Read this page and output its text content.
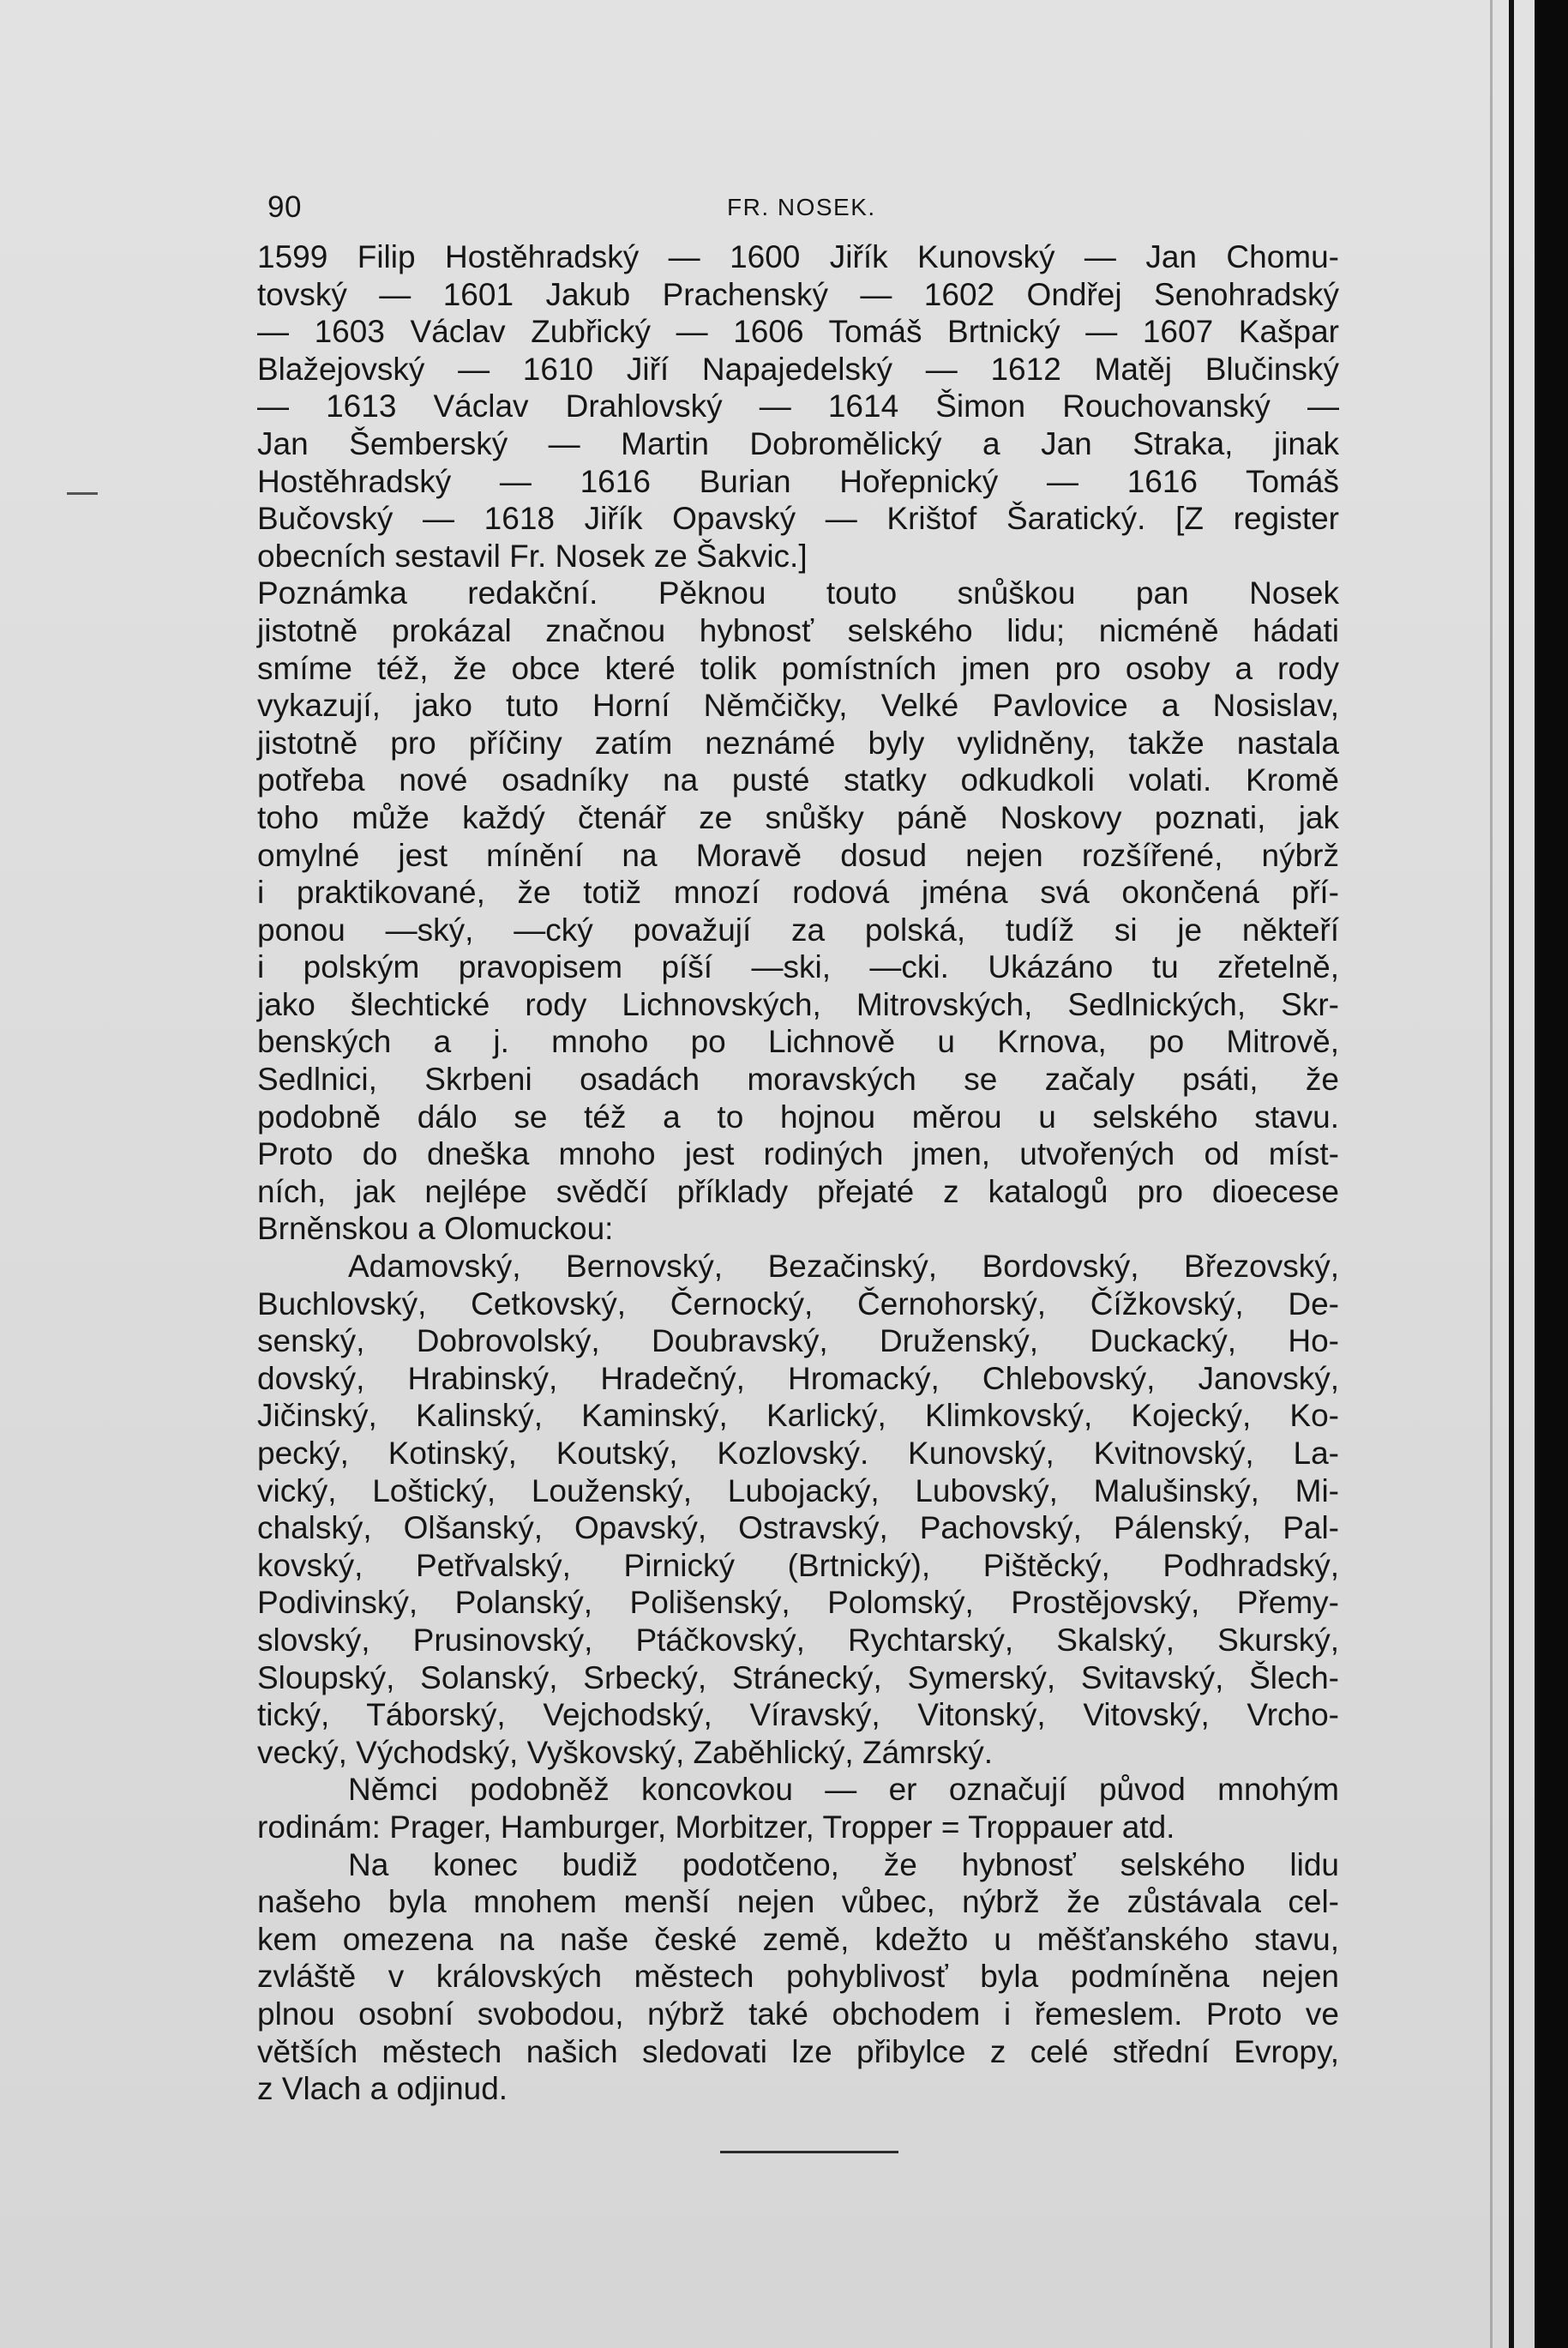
90	FR. NOSEK.
1599 Filip Hostěhradský — 1600 Jiřík Kunovský — Jan Chomu-
tovský — 1601 Jakub Prachenský — 1602 Ondřej Senohradský
— 1603 Václav Zubřický — 1606 Tomáš Brtnický — 1607 Kašpar
Blažejovský — 1610 Jiří Napajedelský — 1612 Matěj Blučinský
— 1613 Václav Drahlovský — 1614 Šimon Rouchovanský —
Jan Šemberský — Martin Dobromělický a Jan Straka, jinak
Hostěhradský — 1616 Burian Hořepnický — 1616 Tomáš
Bučovský — 1618 Jiřík Opavský — Krištof Šaratický. [Z register
obecních sestavil Fr. Nosek ze Šakvic.]
Poznámka redakční. Pěknou touto snůškou pan Nosek
jistotně prokázal značnou hybnosť selského lidu; nicméně hádati
smíme též, že obce které tolik pomístních jmen pro osoby a rody
vykazují, jako tuto Horní Němčičky, Velké Pavlovice a Nosislav,
jistotně pro příčiny zatím neznámé byly vylidněny, takže nastala
potřeba nové osadníky na pusté statky odkudkoli volati. Kromě
toho může každý čtenář ze snůšky páně Noskovy poznati, jak
omylné jest mínění na Moravě dosud nejen rozšířené, nýbrž
i praktikované, že totiž mnozí rodová jména svá okončená pří-
ponou —ský, —cký považují za polská, tudíž si je někteří
i polským pravopisem píší —ski, —cki. Ukázáno tu zřetelně,
jako šlechtické rody Lichnovských, Mitrovských, Sedlnických, Skr-
benských a j. mnoho po Lichnově u Krnova, po Mitrově,
Sedlnici, Skrbeni osadách moravských se začaly psáti, že
podobně dálo se též a to hojnou měrou u selského stavu.
Proto do dneška mnoho jest rodiných jmen, utvořených od míst-
ních, jak nejlépe svědčí příklady přejaté z katalogů pro dioecese
Brněnskou a Olomuckou:
Adamovský, Bernovský, Bezačinský, Bordovský, Březovský,
Buchlovský, Cetkovský, Černocký, Černohorský, Čížkovský, De-
senský, Dobrovolský, Doubravský, Druženský, Duckacký, Ho-
dovský, Hrabinský, Hradečný, Hromacký, Chlebovský, Janovský,
Jičinský, Kalinský, Kaminský, Karlický, Klimkovský, Kojecký, Ko-
pecký, Kotinský, Koutský, Kozlovský. Kunovský, Kvitnovský, La-
vický, Loštický, Louženský, Lubojacký, Lubovský, Malušinský, Mi-
chalský, Olšanský, Opavský, Ostravský, Pachovský, Pálenský, Pal-
kovský, Petřvalský, Pirnický (Brtnický), Pištěcký, Podhradský,
Podivinský, Polanský, Polišenský, Polomský, Prostějovský, Přemy-
slovský, Prusinovský, Ptáčkovský, Rychtarský, Skalský, Skurský,
Sloupský, Solanský, Srbecký, Stránecký, Symerský, Svitavský, Šlech-
tický, Táborský, Vejchodský, Víravský, Vitonský, Vitovský, Vrcho-
vecký, Východský, Vyškovský, Zaběhlický, Zámrský.
Němci podobněž koncovkou — er označují původ mnohým
rodinám: Prager, Hamburger, Morbitzer, Tropper = Troppauer atd.
Na konec budiž podotčeno, že hybnosť selského lidu
našeho byla mnohem menší nejen vůbec, nýbrž že zůstávala cel-
kem omezena na naše české země, kdežto u měšťanského stavu,
zvláště v královských městech pohyblivosť byla podmíněna nejen
plnou osobní svobodou, nýbrž také obchodem i řemeslem. Proto ve
větších městech našich sledovati lze přibylce z celé střední Evropy,
z Vlach a odjinud.
